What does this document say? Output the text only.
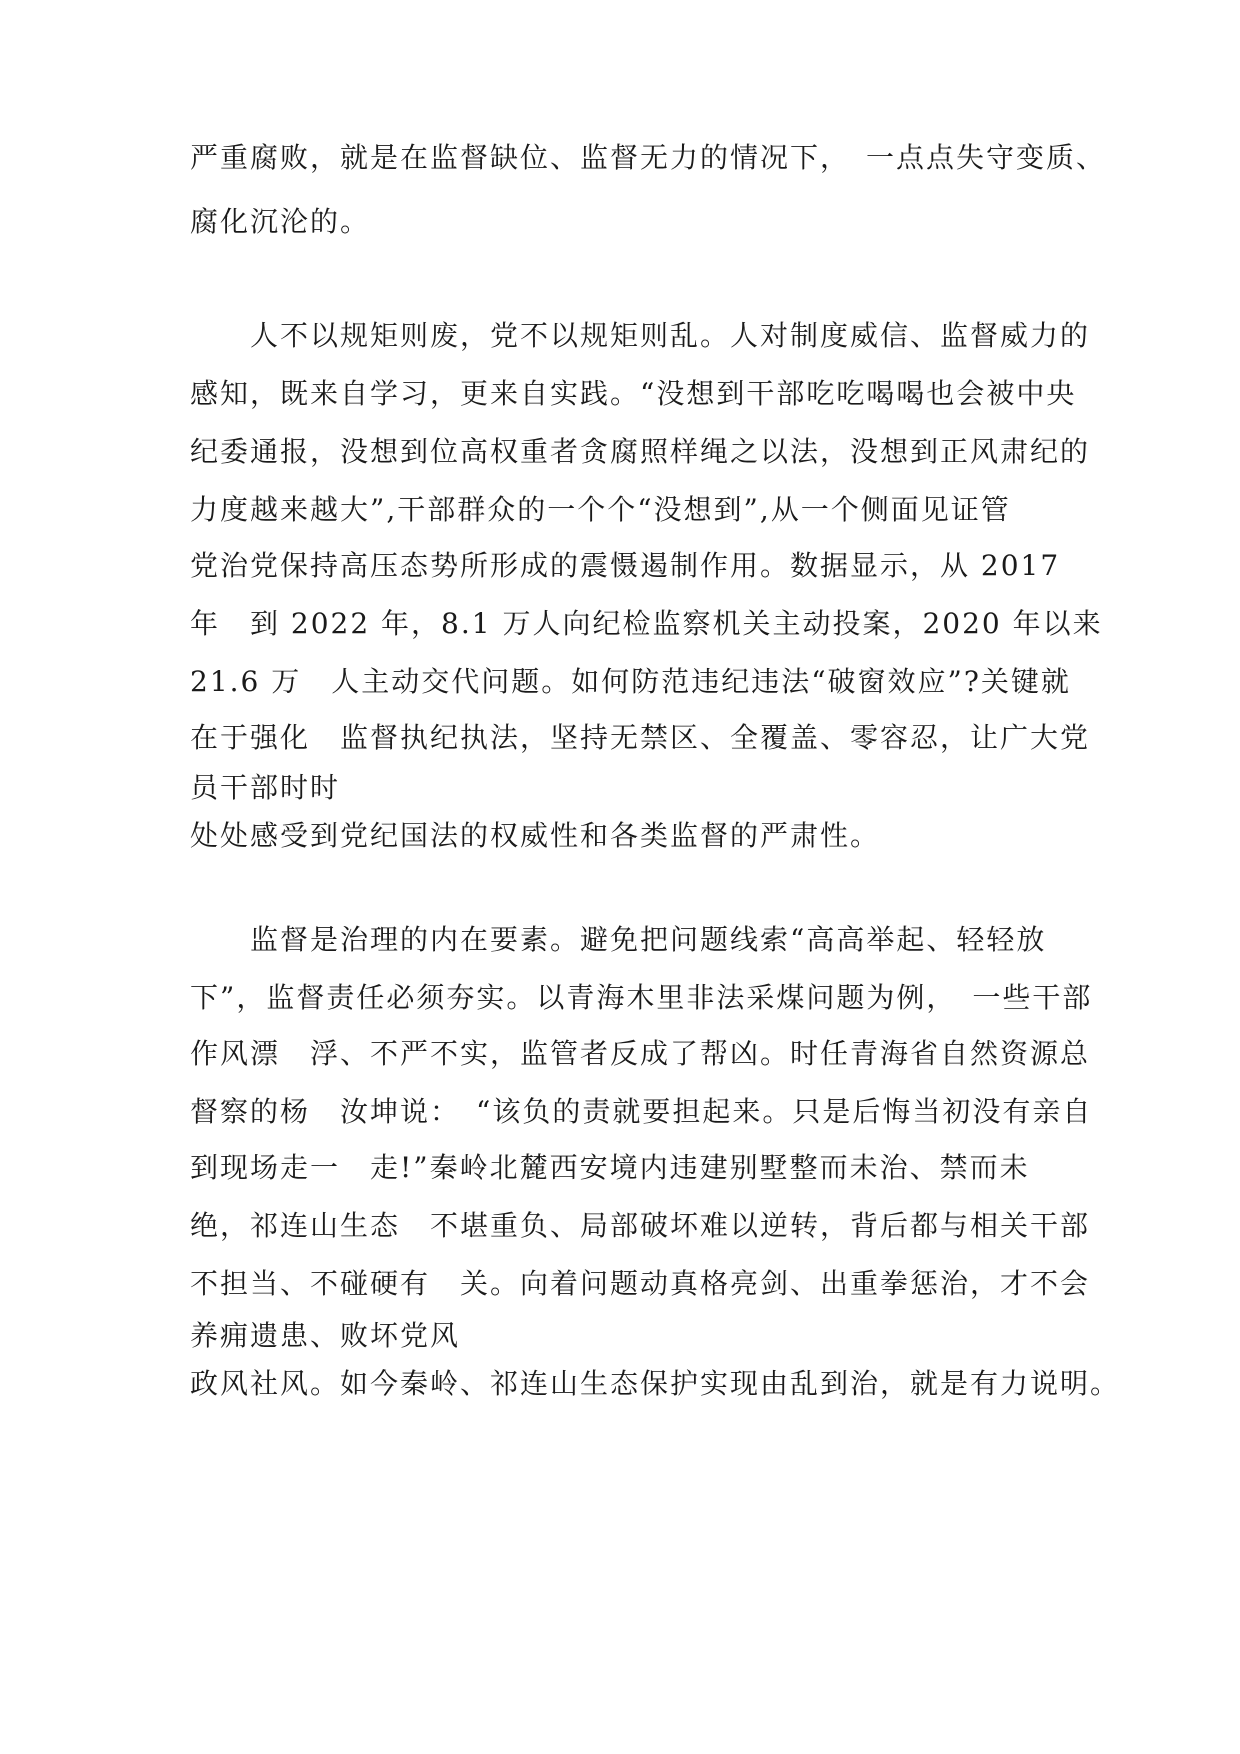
严重腐败，就是在监督缺位、监督无力的情况下，　一点点失守变质、
腐化沉沦的。
　　人不以规矩则废，党不以规矩则乱。人对制度威信、监督威力的
感知，既来自学习，更来自实践。“没想到干部吃吃喝喝也会被中央
纪委通报，没想到位高权重者贪腐照样绳之以法，没想到正风肃纪的
力度越来越大”,干部群众的一个个“没想到”,从一个侧面见证管
党治党保持高压态势所形成的震慑遏制作用。数据显示，从 2017
年　到 2022 年，8.1 万人向纪检监察机关主动投案，2020 年以来
21.6 万　人主动交代问题。如何防范违纪违法“破窗效应”?关键就
在于强化　监督执纪执法，坚持无禁区、全覆盖、零容忍，让广大党
员干部时时
处处感受到党纪国法的权威性和各类监督的严肃性。
　　监督是治理的内在要素。避免把问题线索“高高举起、轻轻放
下”，监督责任必须夯实。以青海木里非法采煤问题为例，　一些干部
作风漂　浮、不严不实，监管者反成了帮凶。时任青海省自然资源总
督察的杨　汝坤说：　“该负的责就要担起来。只是后悔当初没有亲自
到现场走一　走!”秦岭北麓西安境内违建别墅整而未治、禁而未
绝，祁连山生态　不堪重负、局部破坏难以逆转，背后都与相关干部
不担当、不碰硬有　关。向着问题动真格亮剑、出重拳惩治，才不会
养痈遗患、败坏党风
政风社风。如今秦岭、祁连山生态保护实现由乱到治，就是有力说明。
